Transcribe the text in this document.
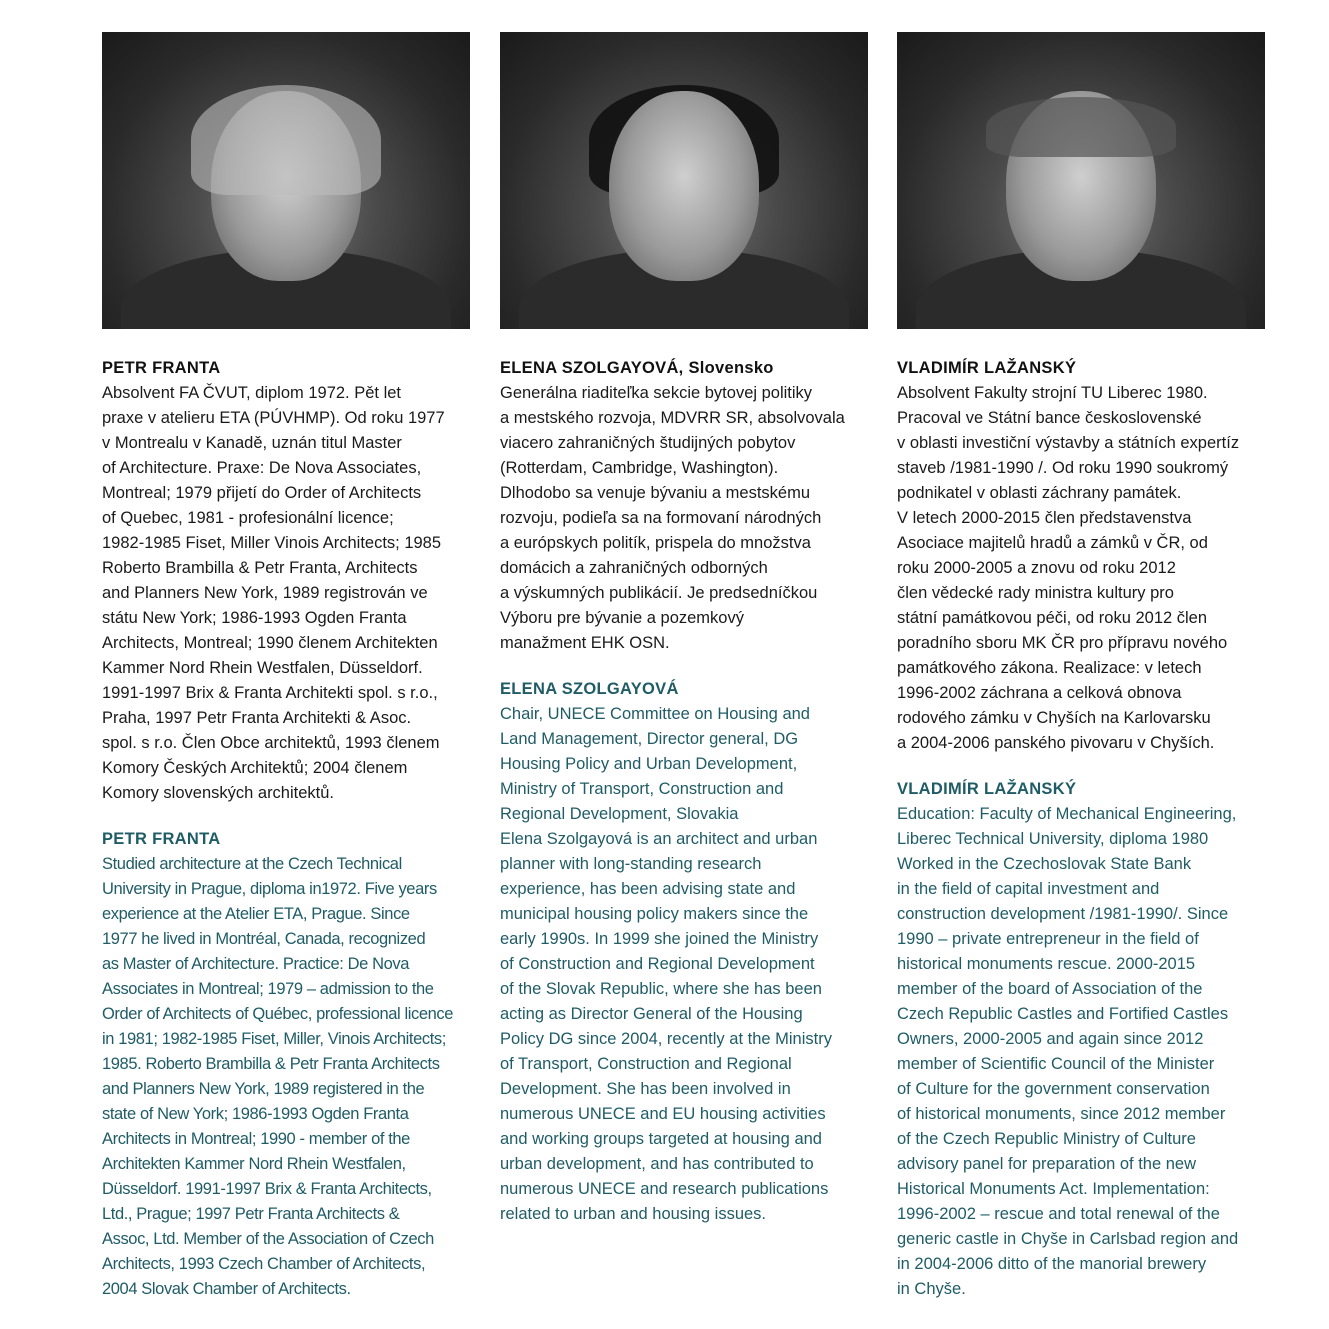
PETR FRANTA

Absolvent FA ČVUT, diplom 1972. Pět let
praxe v atelieru ETA (PÚVHMP). Od roku 1977
v Montrealu v Kanadě, uznán titul Master
of Architecture. Praxe: De Nova Associates,
Montreal; 1979 přijetí do Order of Architects
of Quebec, 1981 - profesionální licence;
1982-1985 Fiset, Miller Vinois Architects; 1985
Roberto Brambilla & Petr Franta, Architects
and Planners New York, 1989 registrován ve
státu New York; 1986-1993 Ogden Franta
Architects, Montreal; 1990 členem Architekten
Kammer Nord Rhein Westfalen, Düsseldorf.
1991-1997 Brix & Franta Architekti spol. s r.o.,
Praha, 1997 Petr Franta Architekti & Asoc.
spol. s r.o. Člen Obce architektů, 1993 členem
Komory Českých Architektů; 2004 členem
Komory slovenských architektů.

PETR FRANTA

Studied architecture at the Czech Technical
University in Prague, diploma in1972. Five years
experience at the Atelier ETA, Prague. Since
1977 he lived in Montréal, Canada, recognized
as Master of Architecture. Practice: De Nova
Associates in Montreal; 1979 – admission to the
Order of Architects of Québec, professional licence
in 1981; 1982-1985 Fiset, Miller, Vinois Architects;
1985. Roberto Brambilla & Petr Franta Architects
and Planners New York, 1989 registered in the
state of New York; 1986-1993 Ogden Franta
Architects in Montreal; 1990 - member of the
Architekten Kammer Nord Rhein Westfalen,
Düsseldorf. 1991-1997 Brix & Franta Architects,
Ltd., Prague; 1997 Petr Franta Architects &
Assoc, Ltd. Member of the Association of Czech
Architects, 1993 Czech Chamber of Architects,
2004 Slovak Chamber of Architects.

ELENA SZOLGAYOVÁ, Slovensko

Generálna riaditeľka sekcie bytovej politiky
a mestského rozvoja, MDVRR SR, absolvovala
viacero zahraničných študijných pobytov
(Rotterdam, Cambridge, Washington).
Dlhodobo sa venuje bývaniu a mestskému
rozvoju, podieľa sa na formovaní národných
a európskych politík, prispela do množstva
domácich a zahraničných odborných
a výskumných publikácií. Je predsedníčkou
Výboru pre bývanie a pozemkový
manažment EHK OSN.

ELENA SZOLGAYOVÁ

Chair, UNECE Committee on Housing and
Land Management, Director general, DG
Housing Policy and Urban Development,
Ministry of Transport, Construction and
Regional Development, Slovakia
Elena Szolgayová is an architect and urban
planner with long-standing research
experience, has been advising state and
municipal housing policy makers since the
early 1990s. In 1999 she joined the Ministry
of Construction and Regional Development
of the Slovak Republic, where she has been
acting as Director General of the Housing
Policy DG since 2004, recently at the Ministry
of Transport, Construction and Regional
Development. She has been involved in
numerous UNECE and EU housing activities
and working groups targeted at housing and
urban development, and has contributed to
numerous UNECE and research publications
related to urban and housing issues.

VLADIMÍR LAŽANSKÝ

Absolvent Fakulty strojní TU Liberec 1980.
Pracoval ve Státní bance československé
v oblasti investiční výstavby a státních expertíz
staveb /1981-1990 /. Od roku 1990 soukromý
podnikatel v oblasti záchrany památek.
V letech 2000-2015 člen představenstva
Asociace majitelů hradů a zámků v ČR, od
roku 2000-2005 a znovu od roku 2012
člen vědecké rady ministra kultury pro
státní památkovou péči, od roku 2012 člen
poradního sboru MK ČR pro přípravu nového
památkového zákona. Realizace: v letech
1996-2002 záchrana a celková obnova
rodového zámku v Chyších na Karlovarsku
a 2004-2006 panského pivovaru v Chyších.

VLADIMÍR LAŽANSKÝ

Education: Faculty of Mechanical Engineering,
Liberec Technical University, diploma 1980
Worked in the Czechoslovak State Bank
in the field of capital investment and
construction development /1981-1990/. Since
1990 – private entrepreneur in the field of
historical monuments rescue. 2000-2015
member of the board of Association of the
Czech Republic Castles and Fortified Castles
Owners, 2000-2005 and again since 2012
member of Scientific Council of the Minister
of Culture for the government conservation
of historical monuments, since 2012 member
of the Czech Republic Ministry of Culture
advisory panel for preparation of the new
Historical Monuments Act. Implementation:
1996-2002 – rescue and total renewal of the
generic castle in Chyše in Carlsbad region and
in 2004-2006 ditto of the manorial brewery
in Chyše.
